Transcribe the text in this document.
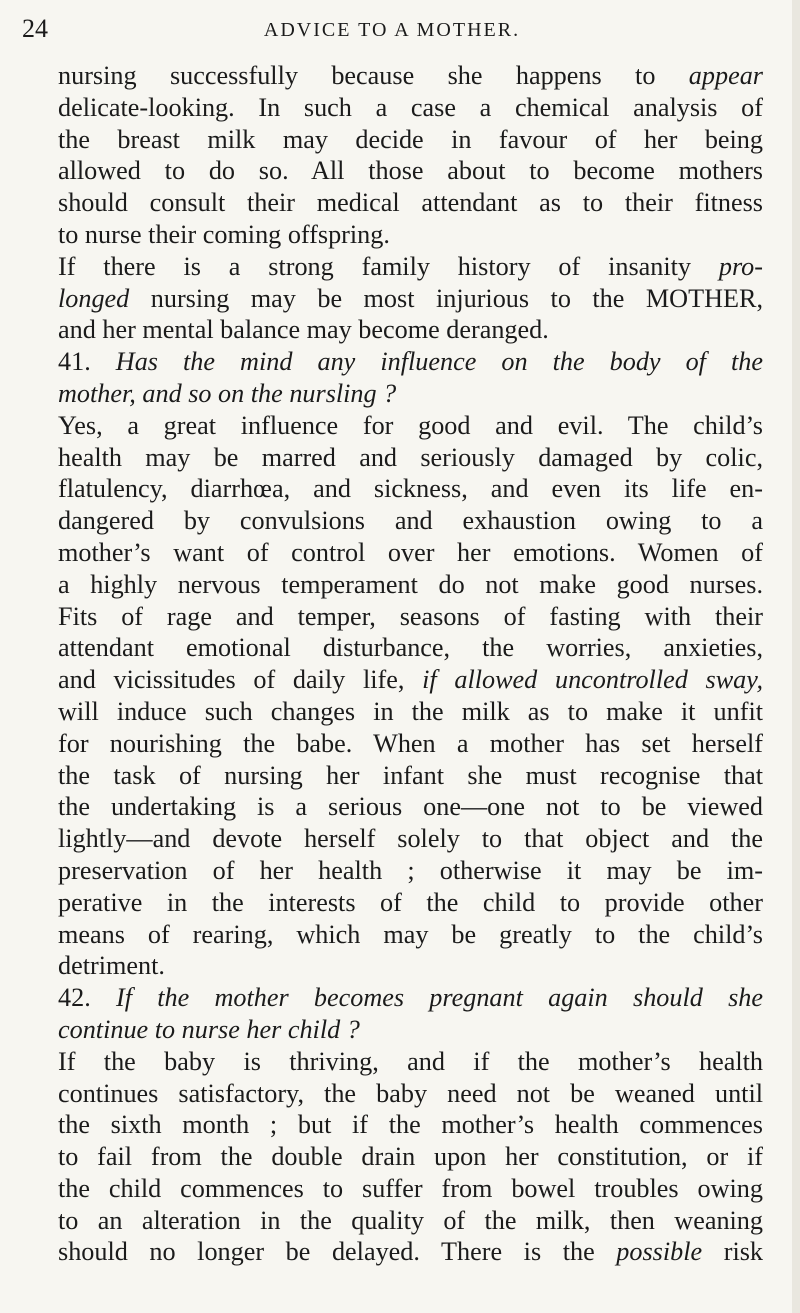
24	ADVICE TO A MOTHER.
nursing successfully because she happens to appear
delicate-looking. In such a case a chemical analysis of
the breast milk may decide in favour of her being
allowed to do so. All those about to become mothers
should consult their medical attendant as to their fitness
to nurse their coming offspring.
If there is a strong family history of insanity pro-
longed nursing may be most injurious to the MOTHER,
and her mental balance may become deranged.
41. Has the mind any influence on the body of the
mother, and so on the nursling ?
Yes, a great influence for good and evil. The child’s
health may be marred and seriously damaged by colic,
flatulency, diarrhœa, and sickness, and even its life en-
dangered by convulsions and exhaustion owing to a
mother’s want of control over her emotions. Women of
a highly nervous temperament do not make good nurses.
Fits of rage and temper, seasons of fasting with their
attendant emotional disturbance, the worries, anxieties,
and vicissitudes of daily life, if allowed uncontrolled sway,
will induce such changes in the milk as to make it unfit
for nourishing the babe. When a mother has set herself
the task of nursing her infant she must recognise that
the undertaking is a serious one—one not to be viewed
lightly—and devote herself solely to that object and the
preservation of her health ; otherwise it may be im-
perative in the interests of the child to provide other
means of rearing, which may be greatly to the child’s
detriment.
42. If the mother becomes pregnant again should she
continue to nurse her child ?
If the baby is thriving, and if the mother’s health
continues satisfactory, the baby need not be weaned until
the sixth month ; but if the mother’s health commences
to fail from the double drain upon her constitution, or if
the child commences to suffer from bowel troubles owing
to an alteration in the quality of the milk, then weaning
should no longer be delayed. There is the possible risk
